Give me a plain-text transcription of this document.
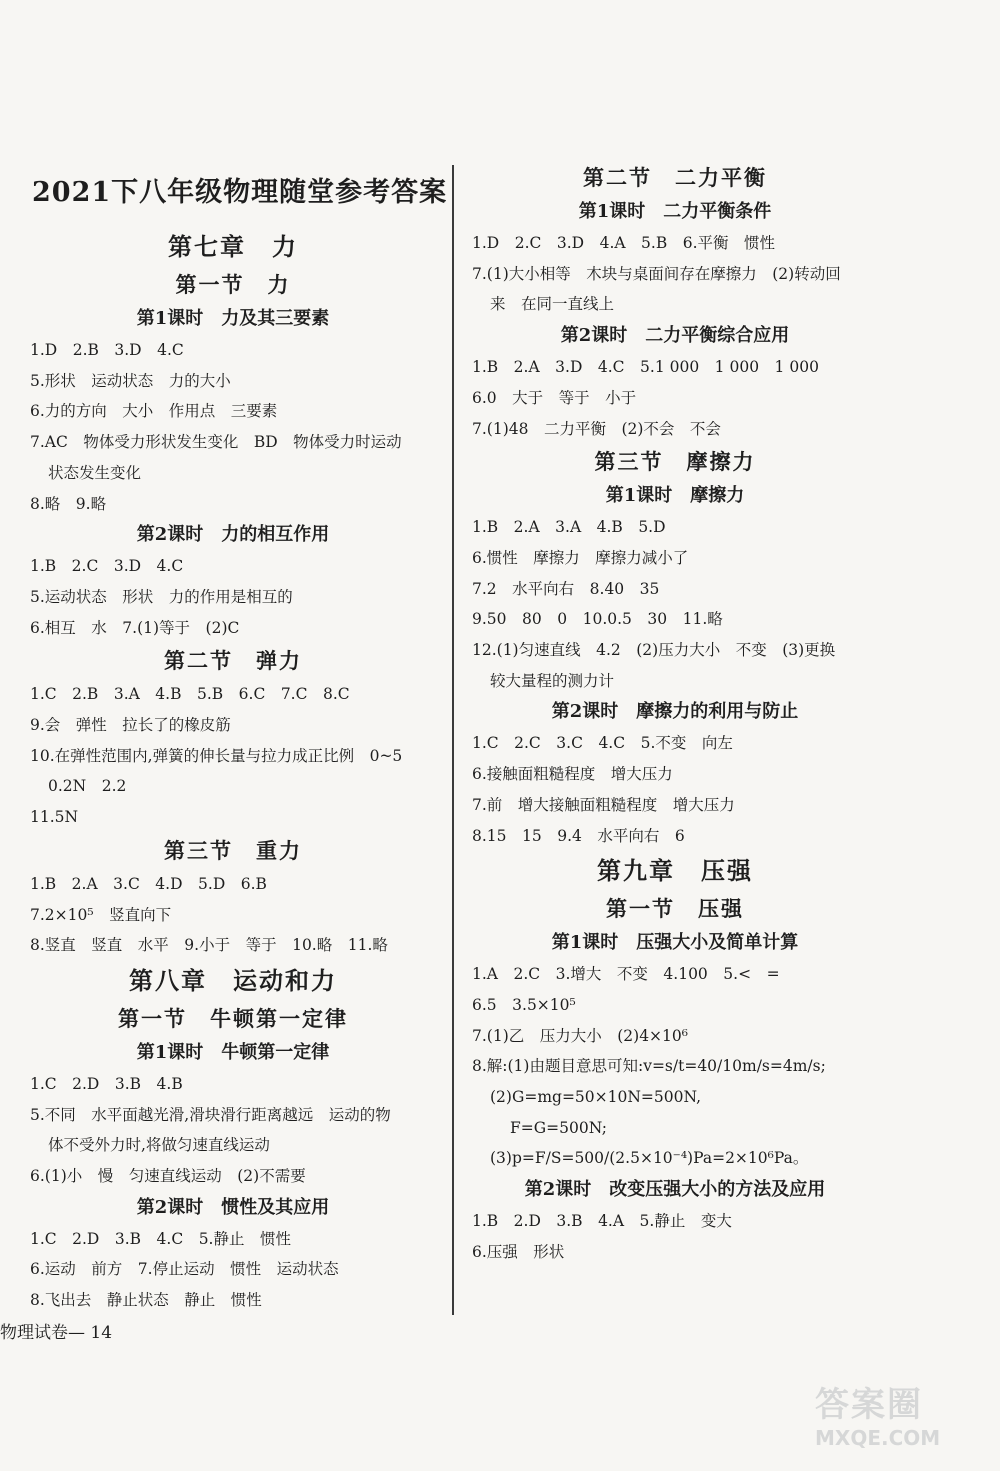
2021下八年级物理随堂参考答案
第七章　力
第一节　力
第1课时　力及其三要素
1.D　2.B　3.D　4.C
5.形状　运动状态　力的大小
6.力的方向　大小　作用点　三要素
7.AC　物体受力形状发生变化　BD　物体受力时运动
状态发生变化
8.略　9.略
第2课时　力的相互作用
1.B　2.C　3.D　4.C
5.运动状态　形状　力的作用是相互的
6.相互　水　7.(1)等于　(2)C
第二节　弹力
1.C　2.B　3.A　4.B　5.B　6.C　7.C　8.C
9.会　弹性　拉长了的橡皮筋
10.在弹性范围内,弹簧的伸长量与拉力成正比例　0~5
0.2N　2.2
11.5N
第三节　重力
1.B　2.A　3.C　4.D　5.D　6.B
7.2×10⁵　竖直向下
8.竖直　竖直　水平　9.小于　等于　10.略　11.略
第八章　运动和力
第一节　牛顿第一定律
第1课时　牛顿第一定律
1.C　2.D　3.B　4.B
5.不同　水平面越光滑,滑块滑行距离越远　运动的物
体不受外力时,将做匀速直线运动
6.(1)小　慢　匀速直线运动　(2)不需要
第2课时　惯性及其应用
1.C　2.D　3.B　4.C　5.静止　惯性
6.运动　前方　7.停止运动　惯性　运动状态
8.飞出去　静止状态　静止　惯性
第二节　二力平衡
第1课时　二力平衡条件
1.D　2.C　3.D　4.A　5.B　6.平衡　惯性
7.(1)大小相等　木块与桌面间存在摩擦力　(2)转动回
来　在同一直线上
第2课时　二力平衡综合应用
1.B　2.A　3.D　4.C　5.1 000　1 000　1 000
6.0　大于　等于　小于
7.(1)48　二力平衡　(2)不会　不会
第三节　摩擦力
第1课时　摩擦力
1.B　2.A　3.A　4.B　5.D
6.惯性　摩擦力　摩擦力减小了
7.2　水平向右　8.40　35
9.50　80　0　10.0.5　30　11.略
12.(1)匀速直线　4.2　(2)压力大小　不变　(3)更换
较大量程的测力计
第2课时　摩擦力的利用与防止
1.C　2.C　3.C　4.C　5.不变　向左
6.接触面粗糙程度　增大压力
7.前　增大接触面粗糙程度　增大压力
8.15　15　9.4　水平向右　6
第九章　压强
第一节　压强
第1课时　压强大小及简单计算
1.A　2.C　3.增大　不变　4.100　5.<　=
6.5　3.5×10⁵
7.(1)乙　压力大小　(2)4×10⁶
8.解:(1)由题目意思可知:v=s/t=40/10m/s=4m/s;
(2)G=mg=50×10N=500N,
F=G=500N;
(3)p=F/S=500/(2.5×10⁻⁴)Pa=2×10⁶Pa。
第2课时　改变压强大小的方法及应用
1.B　2.D　3.B　4.A　5.静止　变大
6.压强　形状
物理试卷— 14
答案圈
MXQE.COM
